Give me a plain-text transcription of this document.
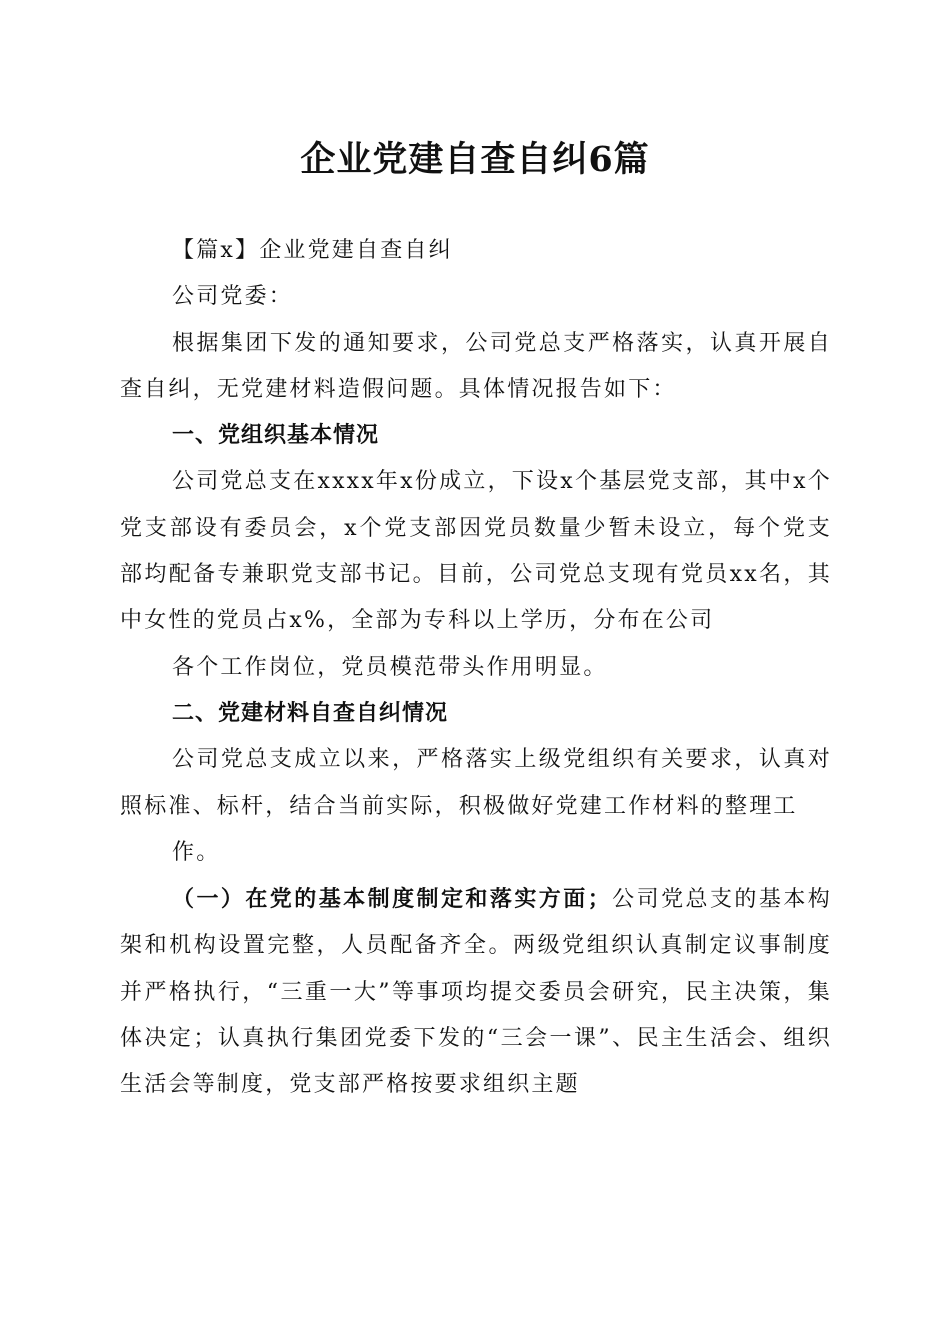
企业党建自查自纠6篇

【篇x】企业党建自查自纠

公司党委：

根据集团下发的通知要求，公司党总支严格落实，认真开展自查自纠，无党建材料造假问题。具体情况报告如下：

一、党组织基本情况

公司党总支在xxxx年x份成立，下设x个基层党支部，其中x个党支部设有委员会，x个党支部因党员数量少暂未设立，每个党支部均配备专兼职党支部书记。目前，公司党总支现有党员xx名，其中女性的党员占x%，全部为专科以上学历，分布在公司

各个工作岗位，党员模范带头作用明显。

二、党建材料自查自纠情况

公司党总支成立以来，严格落实上级党组织有关要求，认真对照标准、标杆，结合当前实际，积极做好党建工作材料的整理工

作。

（一）在党的基本制度制定和落实方面；公司党总支的基本构架和机构设置完整，人员配备齐全。两级党组织认真制定议事制度并严格执行，“三重一大”等事项均提交委员会研究，民主决策，集体决定；认真执行集团党委下发的“三会一课”、民主生活会、组织生活会等制度，党支部严格按要求组织主题
